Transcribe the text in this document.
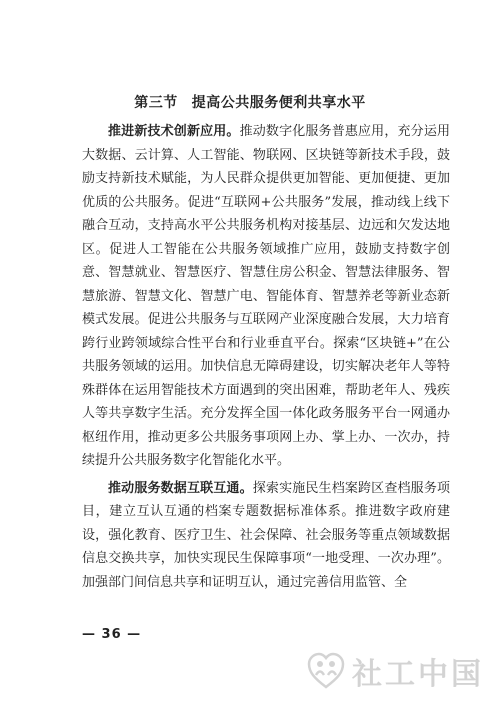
第三节 提高公共服务便利共享水平

推进新技术创新应用。推动数字化服务普惠应用，充分运用大数据、云计算、人工智能、物联网、区块链等新技术手段，鼓励支持新技术赋能，为人民群众提供更加智能、更加便捷、更加优质的公共服务。促进“互联网+公共服务”发展，推动线上线下融合互动，支持高水平公共服务机构对接基层、边远和欠发达地区。促进人工智能在公共服务领域推广应用，鼓励支持数字创意、智慧就业、智慧医疗、智慧住房公积金、智慧法律服务、智慧旅游、智慧文化、智慧广电、智能体育、智慧养老等新业态新模式发展。促进公共服务与互联网产业深度融合发展，大力培育跨行业跨领域综合性平台和行业垂直平台。探索“区块链+”在公共服务领域的运用。加快信息无障碍建设，切实解决老年人等特殊群体在运用智能技术方面遇到的突出困难，帮助老年人、残疾人等共享数字生活。充分发挥全国一体化政务服务平台一网通办枢纽作用，推动更多公共服务事项网上办、掌上办、一次办，持续提升公共服务数字化智能化水平。

推动服务数据互联互通。探索实施民生档案跨区查档服务项目，建立互认互通的档案专题数据标准体系。推进数字政府建设，强化教育、医疗卫生、社会保障、社会服务等重点领域数据信息交换共享，加快实现民生保障事项“一地受理、一次办理”。加强部门间信息共享和证明互认，通过完善信用监管、全

— 36 —
社工中国
